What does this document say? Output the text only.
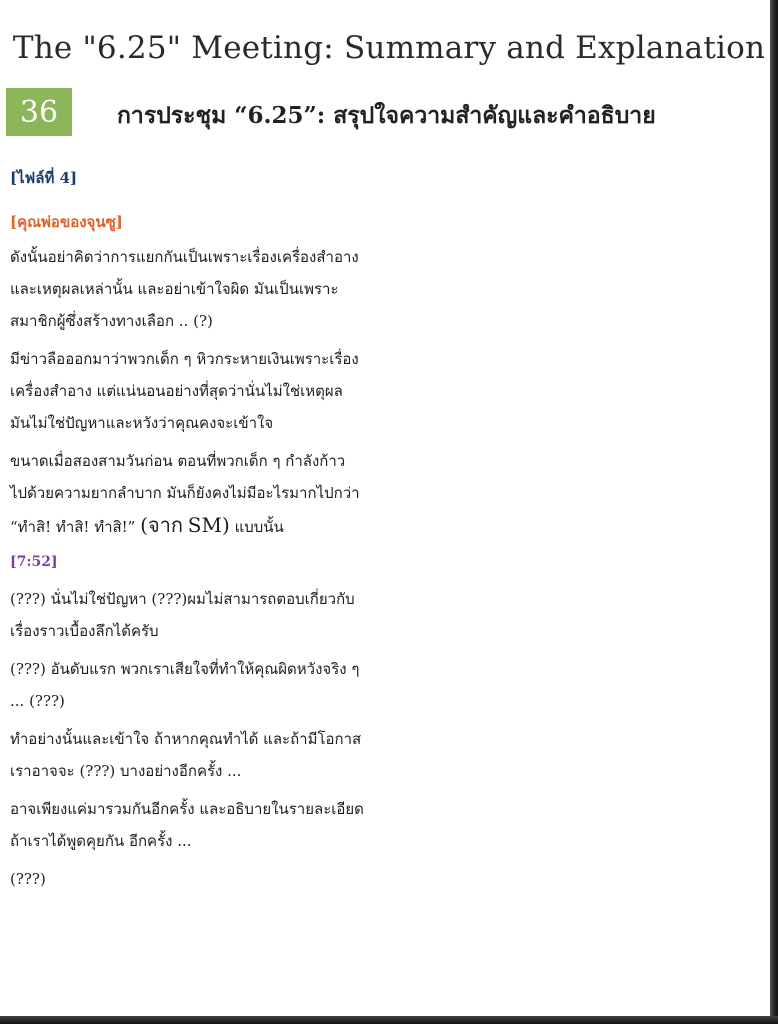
The "6.25" Meeting: Summary and Explanation
36	การประชุม “6.25”: สรุปใจความสำคัญและคำอธิบาย
[ไฟล์ที่ 4]
[คุณพ่อของจุนซู]
ดังนั้นอย่าคิดว่าการแยกกันเป็นเพราะเรื่องเครื่องสำอาง
และเหตุผลเหล่านั้น และอย่าเข้าใจผิด มันเป็นเพราะ
สมาชิกผู้ซึ่งสร้างทางเลือก .. (?)
มีข่าวลือออกมาว่าพวกเด็ก ๆ หิวกระหายเงินเพราะเรื่อง
เครื่องสำอาง แต่แน่นอนอย่างที่สุดว่านั่นไม่ใช่เหตุผล
มันไม่ใช่ปัญหาและหวังว่าคุณคงจะเข้าใจ
ขนาดเมื่อสองสามวันก่อน ตอนที่พวกเด็ก ๆ กำลังก้าว
ไปด้วยความยากลำบาก มันก็ยังคงไม่มีอะไรมากไปกว่า
“ทำสิ! ทำสิ! ทำสิ!” (จาก SM) แบบนั้น
[7:52]
(???) นั่นไม่ใช่ปัญหา (???)ผมไม่สามารถตอบเกี่ยวกับ
เรื่องราวเบื้องลึกได้ครับ
(???) อันดับแรก พวกเราเสียใจที่ทำให้คุณผิดหวังจริง ๆ
... (???)
ทำอย่างนั้นและเข้าใจ ถ้าหากคุณทำได้ และถ้ามีโอกาส
เราอาจจะ (???) บางอย่างอีกครั้ง ...
อาจเพียงแค่มารวมกันอีกครั้ง และอธิบายในรายละเอียด
ถ้าเราได้พูดคุยกัน อีกครั้ง ...
(???)
